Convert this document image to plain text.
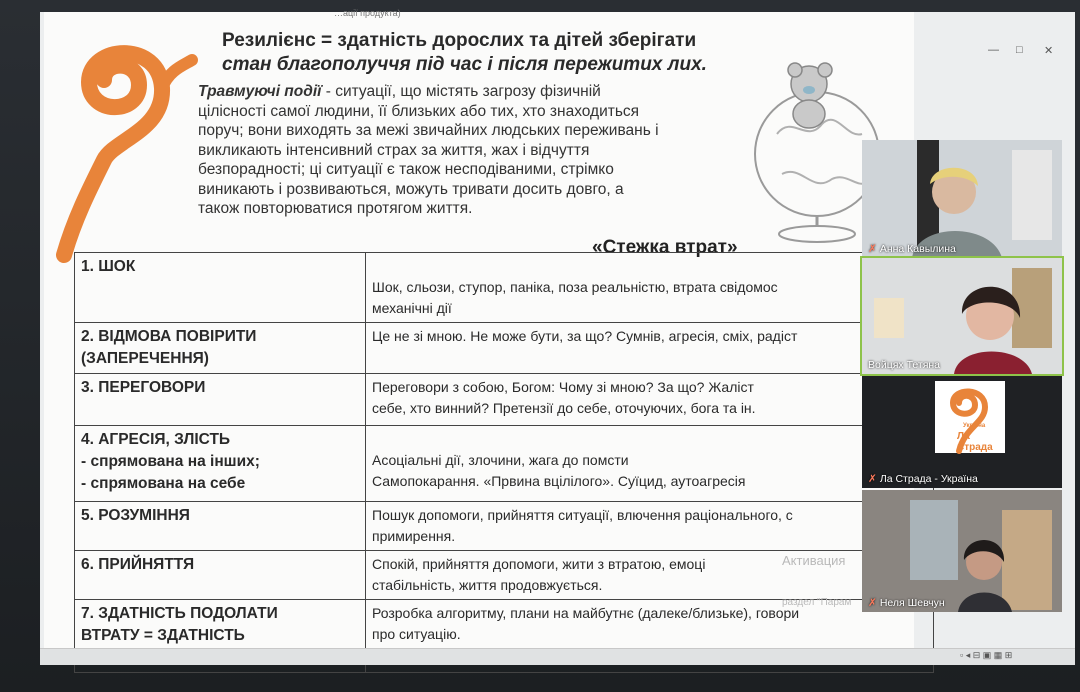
…ації продукта)
Резилієнс = здатність дорослих та дітей зберігати
стан благополуччя під час і після пережитих лих.
Травмуючі події - ситуації, що містять загрозу фізичній
цілісності самої людини, її близьких або тих, хто знаходиться
поруч; вони виходять за межі звичайних людських переживань і
викликають інтенсивний страх за життя, жах і відчуття
безпорадності; ці ситуації є також несподіваними, стрімко
виникають і розвиваються, можуть тривати досить довго, а
також повторюватися протягом життя.
«Стежка втрат»
1. ШОК	Шок, сльози, ступор, паніка, поза реальністю, втрата свідомос
механічні дії
2. ВІДМОВА ПОВІРИТИ
(ЗАПЕРЕЧЕННЯ)	Це не зі мною. Не може бути, за що? Сумнів, агресія, сміх, радіст
3. ПЕРЕГОВОРИ	Переговори з собою, Богом: Чому зі мною? За що? Жаліст
себе, хто винний? Претензії до себе, оточуючих, бога та ін.
4. АГРЕСІЯ, ЗЛІСТЬ
- спрямована на інших;
- спрямована на себе	Асоціальні дії, злочини, жага до помсти
Самопокарання. «Првина вцілілого». Суїцид, аутоагресія
5. РОЗУМІННЯ	Пошук допомоги, прийняття ситуації, влючення раціонального, с
примирення.
6. ПРИЙНЯТТЯ	Спокій, прийняття допомоги, жити з втратою, емоці
стабільність, життя продовжується.
7. ЗДАТНІСТЬ ПОДОЛАТИ
ВТРАТУ = ЗДАТНІСТЬ	Розробка алгоритму, плани на майбутнє (далеке/близьке), говори
про ситуацію.
— □ ✕
Активация
раздел "Парам
▫ ◂ ⊟ ▣ ▦ ⊞
✗ Анна Кавылина
Войцях Тетяна
Україна
Ла Страда
✗ Ла Страда - Україна
✗ Неля Шевчун
